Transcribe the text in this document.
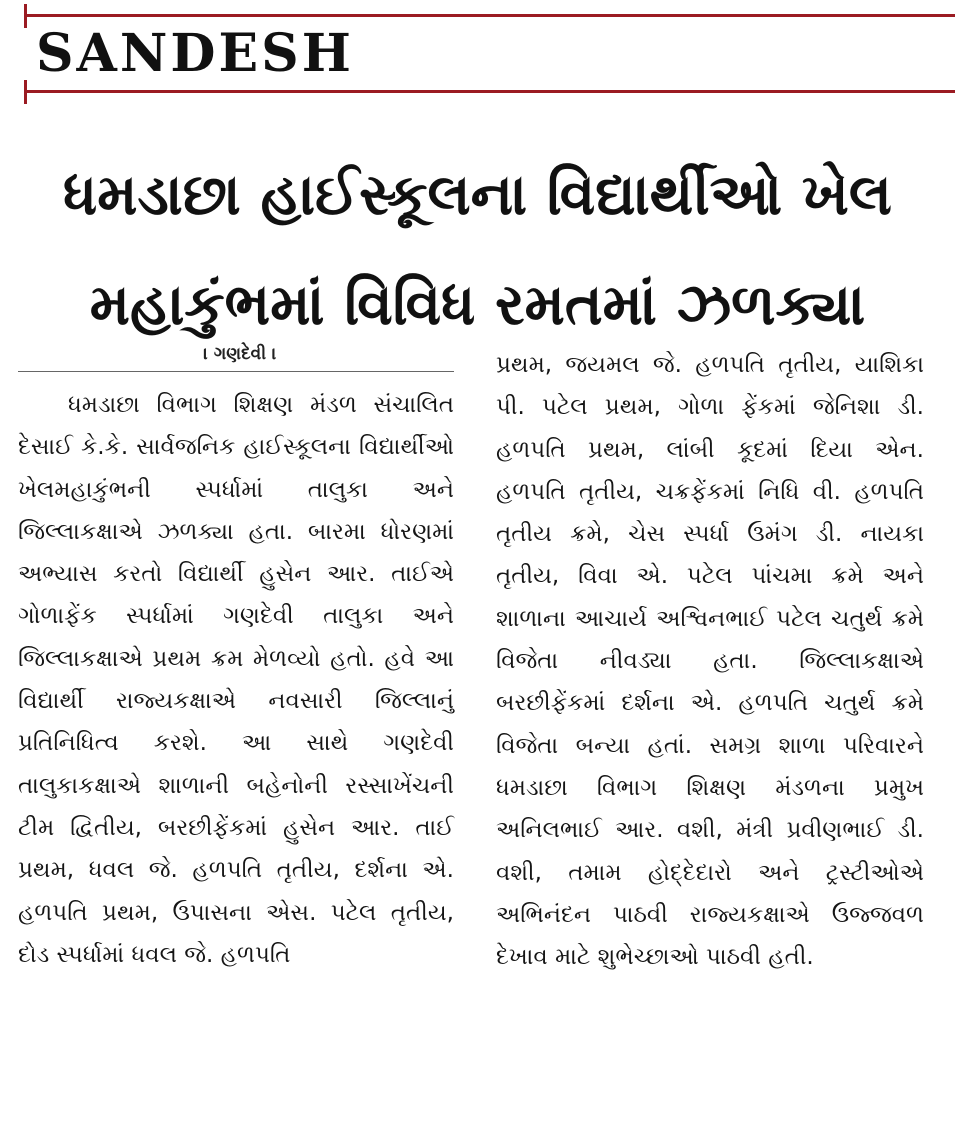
SANDESH
ધમડાછા હાઈસ્કૂલના વિદ્યાર્થીઓ ખેલ
મહાકુંભમાં વિવિધ રમતમાં ઝળક્યા
। ગણદેવી ।
ધમડાછા વિભાગ શિક્ષણ મંડળ સંચાલિત દેસાઈ કે.કે. સાર્વજનિક હાઈસ્કૂલના વિદ્યાર્થીઓ ખેલમહાકુંભની સ્પર્ધામાં તાલુકા અને જિલ્લાકક્ષાએ ઝળક્યા હતા. બારમા ધોરણમાં અભ્યાસ કરતો વિદ્યાર્થી હુસેન આર. તાઈએ ગોળાફેંક સ્પર્ધામાં ગણદેવી તાલુકા અને જિલ્લાકક્ષાએ પ્રથમ ક્રમ મેળવ્યો હતો. હવે આ વિદ્યાર્થી રાજ્યકક્ષાએ નવસારી જિલ્લાનું પ્રતિનિધિત્વ કરશે. આ સાથે ગણદેવી તાલુકાકક્ષાએ શાળાની બહેનોની રસ્સાખેંચની ટીમ દ્વિતીય, બરછીફેંકમાં હુસેન આર. તાઈ પ્રથમ, ધવલ જે. હળપતિ તૃતીય, દર્શના એ. હળપતિ પ્રથમ, ઉપાસના એસ. પટેલ તૃતીય, દોડ સ્પર્ધામાં ધવલ જે. હળપતિ
પ્રથમ, જયમલ જે. હળપતિ તૃતીય, યાશિકા પી. પટેલ પ્રથમ, ગોળા ફેંકમાં જેનિશા ડી. હળપતિ પ્રથમ, લાંબી કૂદમાં દિયા એન. હળપતિ તૃતીય, ચક્રફેંકમાં નિધિ વી. હળપતિ તૃતીય ક્રમે, ચેસ સ્પર્ધા ઉમંગ ડી. નાયકા તૃતીય, વિવા એ. પટેલ પાંચમા ક્રમે અને શાળાના આચાર્ય અશ્વિનભાઈ પટેલ ચતુર્થ ક્રમે વિજેતા નીવડ્યા હતા. જિલ્લાકક્ષાએ બરછીફેંકમાં દર્શના એ. હળપતિ ચતુર્થ ક્રમે વિજેતા બન્યા હતાં. સમગ્ર શાળા પરિવારને ધમડાછા વિભાગ શિક્ષણ મંડળના પ્રમુખ અનિલભાઈ આર. વશી, મંત્રી પ્રવીણભાઈ ડી. વશી, તમામ હોદ્દેદારો અને ટ્રસ્ટીઓએ અભિનંદન પાઠવી રાજ્યકક્ષાએ ઉજ્જવળ દેખાવ માટે શુભેચ્છાઓ પાઠવી હતી.
